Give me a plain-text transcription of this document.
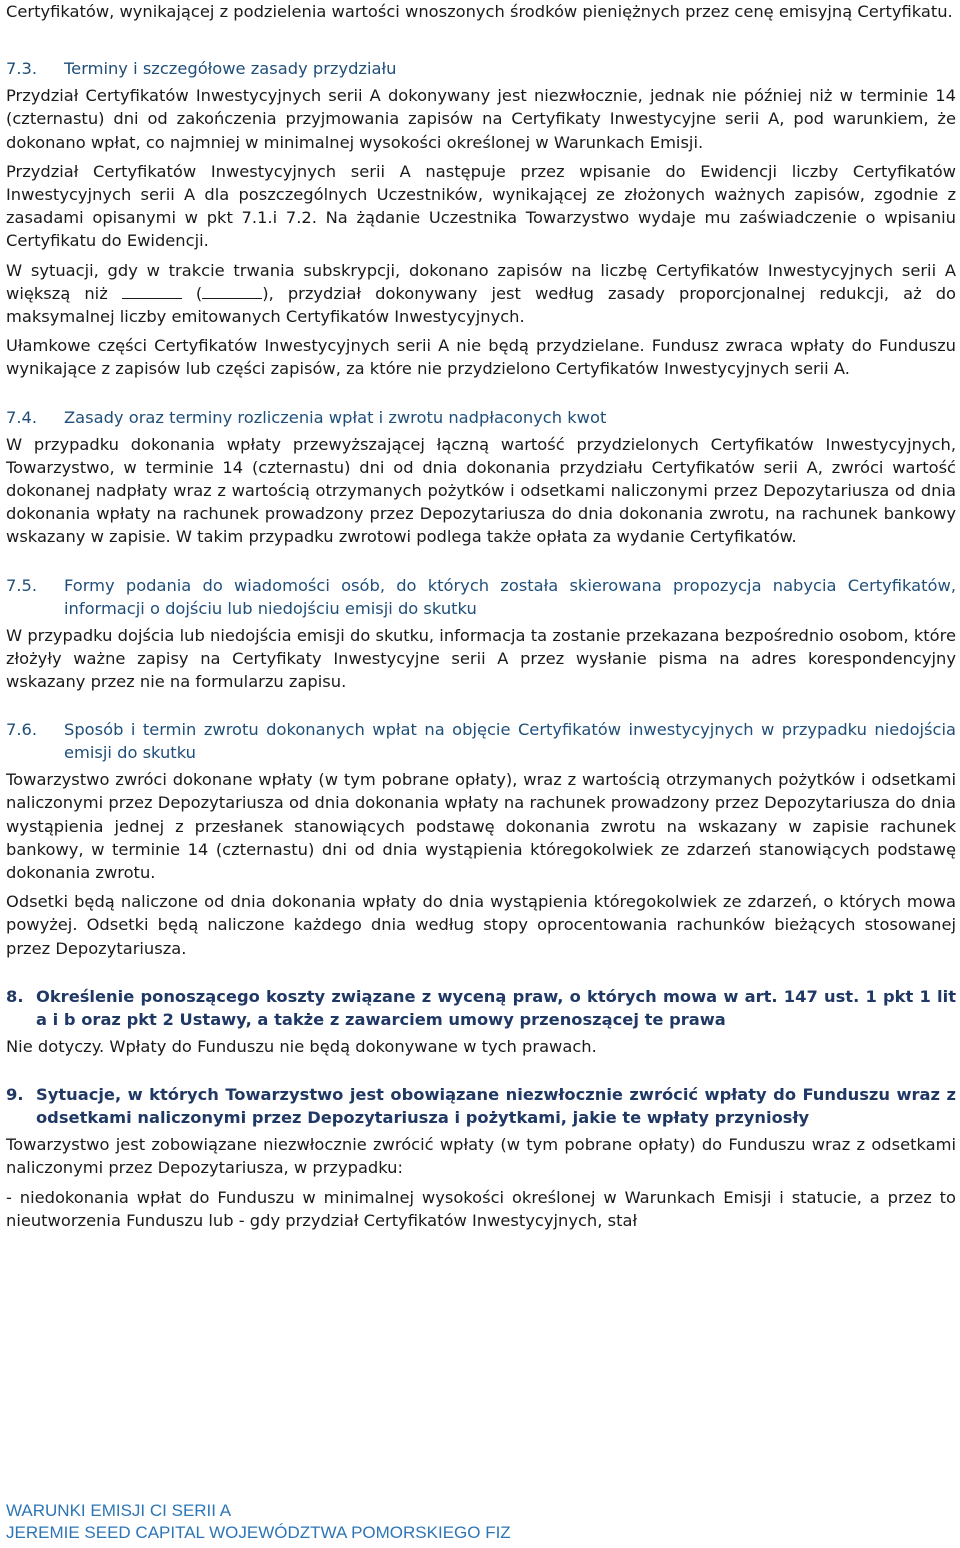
Certyfikatów, wynikającej z podzielenia wartości wnoszonych środków pieniężnych przez cenę emisyjną Certyfikatu.

7.3.	Terminy i szczegółowe zasady przydziału

Przydział Certyfikatów Inwestycyjnych serii A dokonywany jest niezwłocznie, jednak nie później niż w terminie 14 (czternastu) dni od zakończenia przyjmowania zapisów na Certyfikaty Inwestycyjne serii A, pod warunkiem, że dokonano wpłat, co najmniej w minimalnej wysokości określonej w Warunkach Emisji.

Przydział Certyfikatów Inwestycyjnych serii A następuje przez wpisanie do Ewidencji liczby Certyfikatów Inwestycyjnych serii A dla poszczególnych Uczestników, wynikającej ze złożonych ważnych zapisów, zgodnie z zasadami opisanymi w pkt 7.1.i 7.2. Na żądanie Uczestnika Towarzystwo wydaje mu zaświadczenie o wpisaniu Certyfikatu do Ewidencji.

W sytuacji, gdy w trakcie trwania subskrypcji, dokonano zapisów na liczbę Certyfikatów Inwestycyjnych serii A większą niż	(	), przydział dokonywany jest według zasady proporcjonalnej redukcji, aż do maksymalnej liczby emitowanych Certyfikatów Inwestycyjnych.

Ułamkowe części Certyfikatów Inwestycyjnych serii A nie będą przydzielane. Fundusz zwraca wpłaty do Funduszu wynikające z zapisów lub części zapisów, za które nie przydzielono Certyfikatów Inwestycyjnych serii A.

7.4.	Zasady oraz terminy rozliczenia wpłat i zwrotu nadpłaconych kwot

W przypadku dokonania wpłaty przewyższającej łączną wartość przydzielonych Certyfikatów Inwestycyjnych, Towarzystwo, w terminie 14 (czternastu) dni od dnia dokonania przydziału Certyfikatów serii A, zwróci wartość dokonanej nadpłaty wraz z wartością otrzymanych pożytków i odsetkami naliczonymi przez Depozytariusza od dnia dokonania wpłaty na rachunek prowadzony przez Depozytariusza do dnia dokonania zwrotu, na rachunek bankowy wskazany w zapisie. W takim przypadku zwrotowi podlega także opłata za wydanie Certyfikatów.

7.5.	Formy podania do wiadomości osób, do których została skierowana propozycja nabycia Certyfikatów, informacji o dojściu lub niedojściu emisji do skutku

W przypadku dojścia lub niedojścia emisji do skutku, informacja ta zostanie przekazana bezpośrednio osobom, które złożyły ważne zapisy na Certyfikaty Inwestycyjne serii A przez wysłanie pisma na adres korespondencyjny wskazany przez nie na formularzu zapisu.

7.6.	Sposób i termin zwrotu dokonanych wpłat na objęcie Certyfikatów inwestycyjnych w przypadku niedojścia emisji do skutku

Towarzystwo zwróci dokonane wpłaty (w tym pobrane opłaty), wraz z wartością otrzymanych pożytków i odsetkami naliczonymi przez Depozytariusza od dnia dokonania wpłaty na rachunek prowadzony przez Depozytariusza do dnia wystąpienia jednej z przesłanek stanowiących podstawę dokonania zwrotu na wskazany w zapisie rachunek bankowy, w terminie 14 (czternastu) dni od dnia wystąpienia któregokolwiek ze zdarzeń stanowiących podstawę dokonania zwrotu.

Odsetki będą naliczone od dnia dokonania wpłaty do dnia wystąpienia któregokolwiek ze zdarzeń, o których mowa powyżej. Odsetki będą naliczone każdego dnia według stopy oprocentowania rachunków bieżących stosowanej przez Depozytariusza.

8. Określenie ponoszącego koszty związane z wyceną praw, o których mowa w art. 147 ust. 1 pkt 1 lit a i b oraz pkt 2 Ustawy, a także z zawarciem umowy przenoszącej te prawa

Nie dotyczy. Wpłaty do Funduszu nie będą dokonywane w tych prawach.

9. Sytuacje, w których Towarzystwo jest obowiązane niezwłocznie zwrócić wpłaty do Funduszu wraz z odsetkami naliczonymi przez Depozytariusza i pożytkami, jakie te wpłaty przyniosły

Towarzystwo jest zobowiązane niezwłocznie zwrócić wpłaty (w tym pobrane opłaty) do Funduszu wraz z odsetkami naliczonymi przez Depozytariusza, w przypadku:

- niedokonania wpłat do Funduszu w minimalnej wysokości określonej w Warunkach Emisji i statucie, a przez to nieutworzenia Funduszu lub - gdy przydział Certyfikatów Inwestycyjnych, stał

WARUNKI EMISJI CI SERII A
JEREMIE SEED CAPITAL WOJEWÓDZTWA POMORSKIEGO FIZ
